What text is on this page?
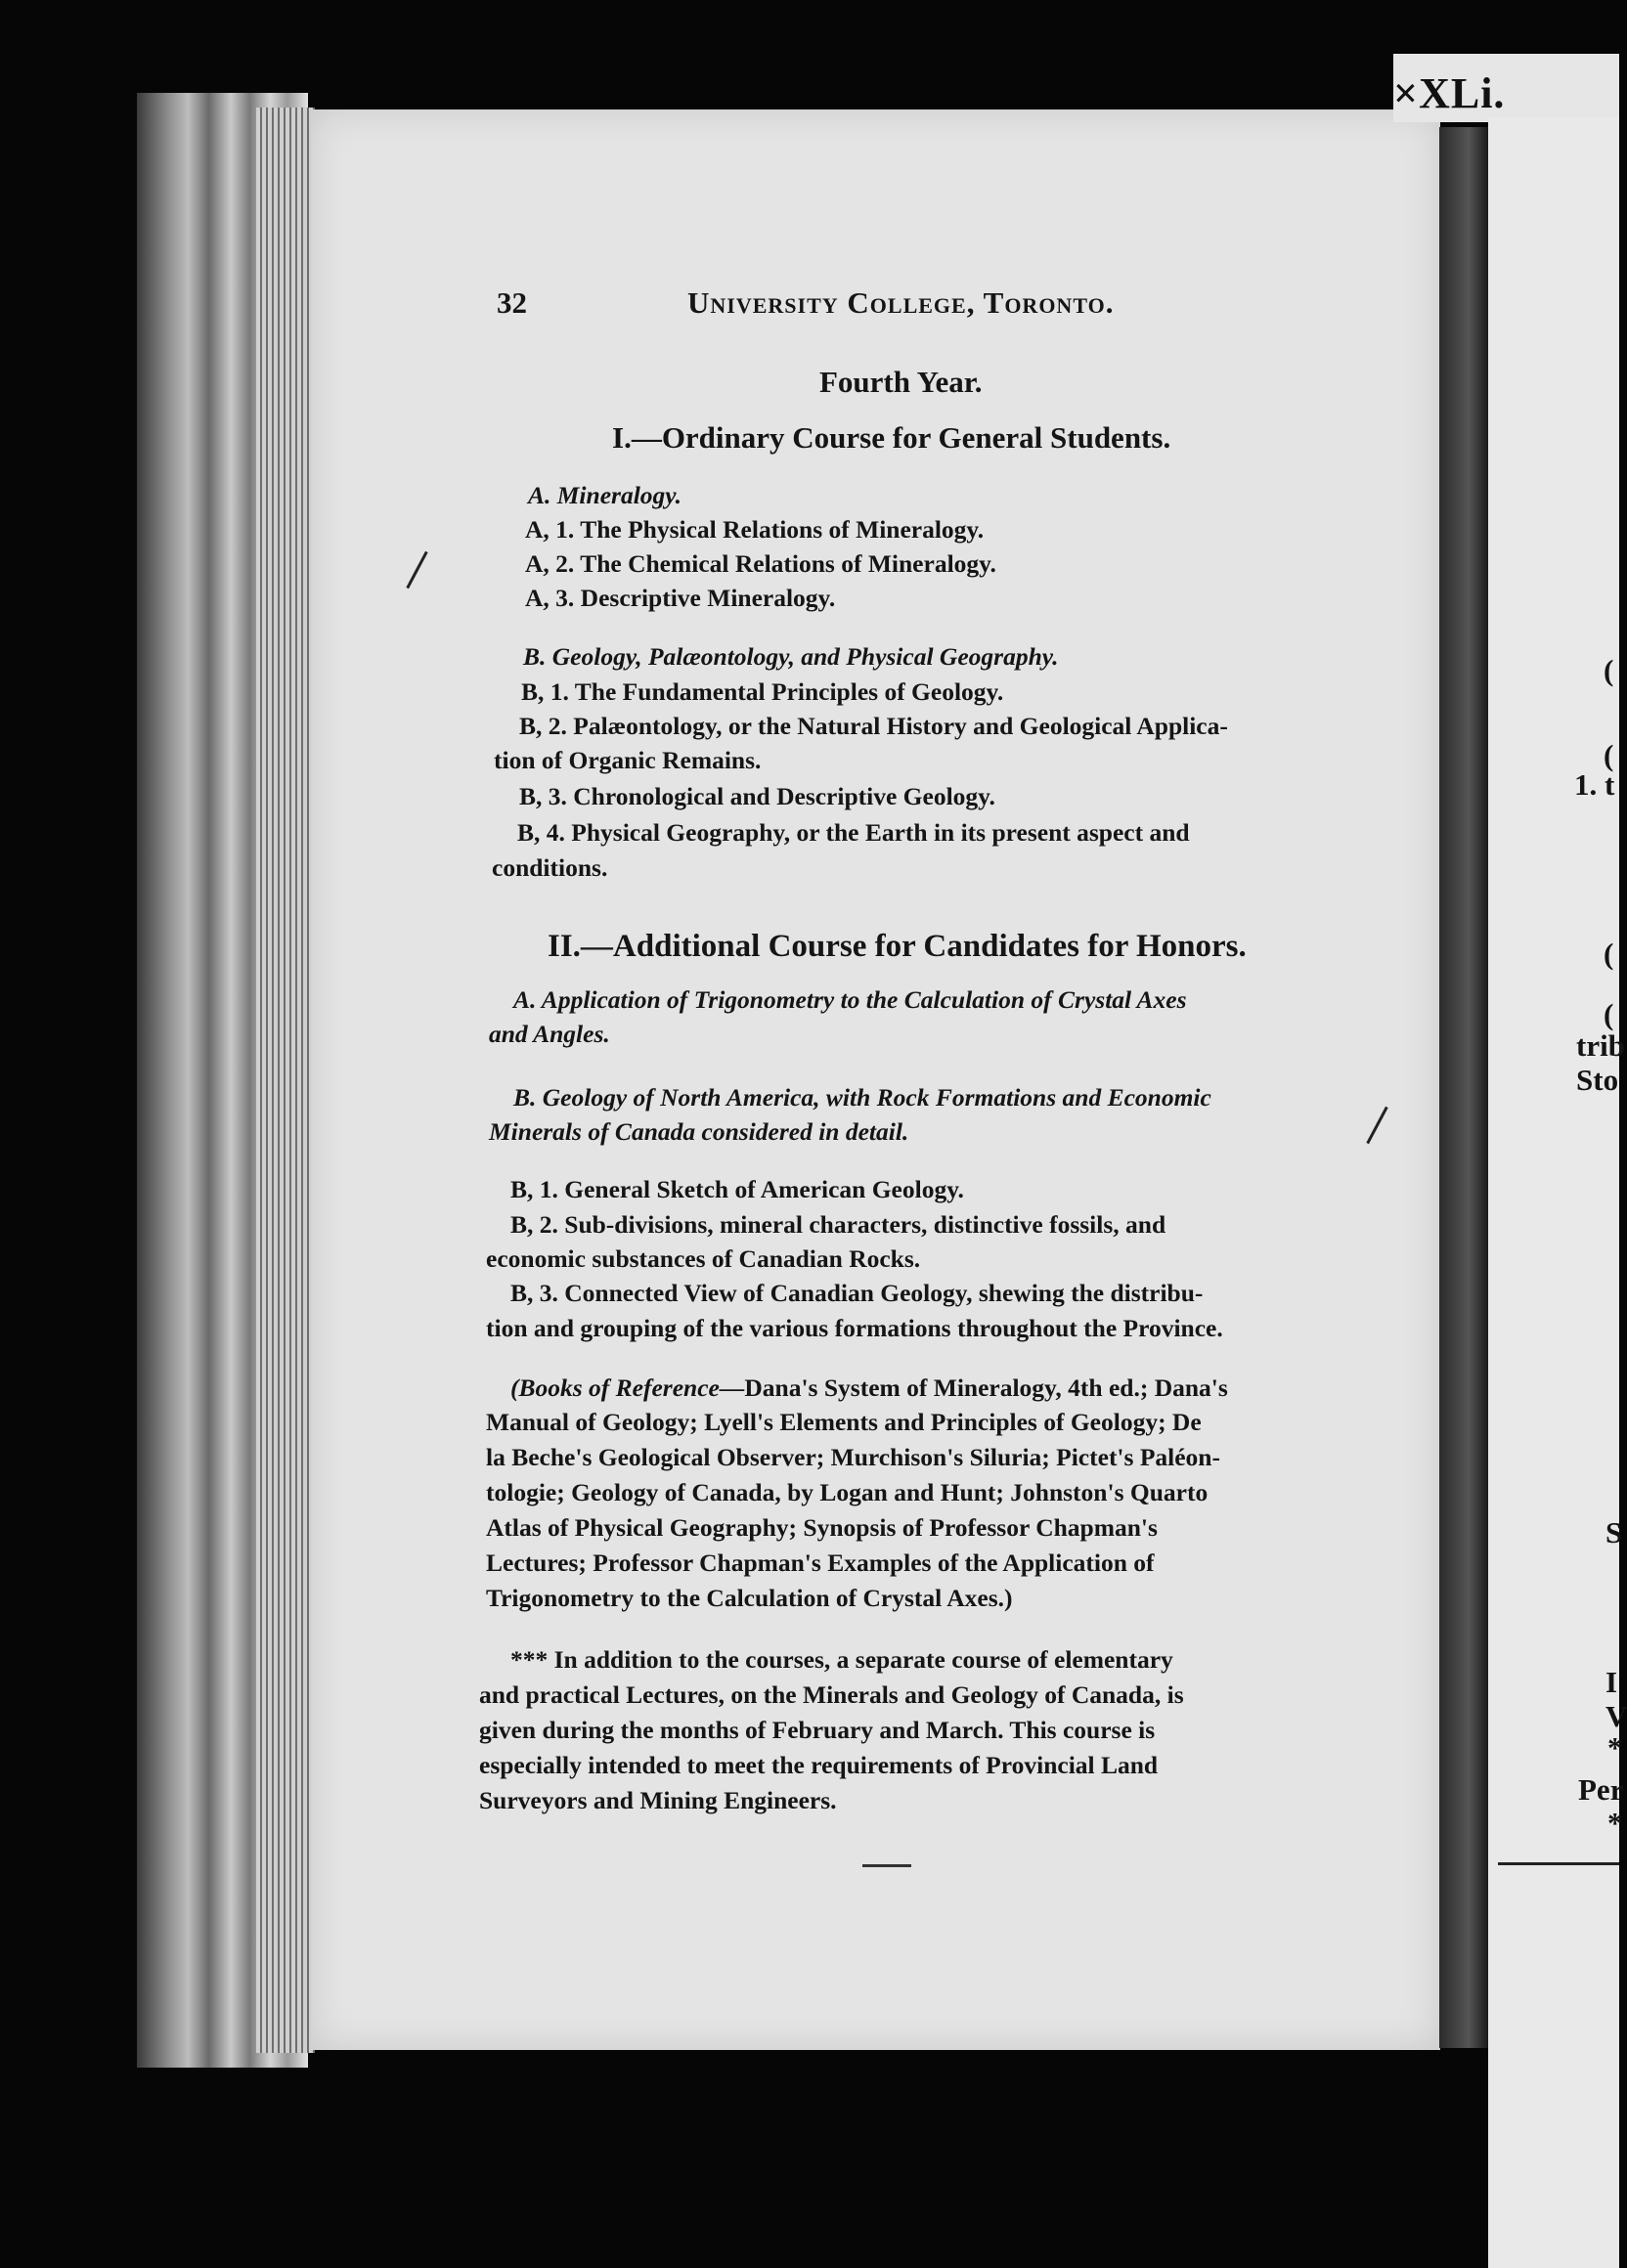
×XLi.
(
(
1. t
(
(
trib
Sto
S
I
V
*
Per
*
32	University College, Toronto.
Fourth Year.
I.—Ordinary Course for General Students.
A. Mineralogy.
A, 1. The Physical Relations of Mineralogy.
A, 2. The Chemical Relations of Mineralogy.
A, 3. Descriptive Mineralogy.
B. Geology, Palæontology, and Physical Geography.
B, 1. The Fundamental Principles of Geology.
B, 2. Palæontology, or the Natural History and Geological Applica-
tion of Organic Remains.
B, 3. Chronological and Descriptive Geology.
B, 4. Physical Geography, or the Earth in its present aspect and
conditions.
II.—Additional Course for Candidates for Honors.
A. Application of Trigonometry to the Calculation of Crystal Axes
and Angles.
B. Geology of North America, with Rock Formations and Economic
Minerals of Canada considered in detail.
B, 1. General Sketch of American Geology.
B, 2. Sub-divisions, mineral characters, distinctive fossils, and
economic substances of Canadian Rocks.
B, 3. Connected View of Canadian Geology, shewing the distribu-
tion and grouping of the various formations throughout the Province.
(Books of Reference—Dana's System of Mineralogy, 4th ed.; Dana's
Manual of Geology; Lyell's Elements and Principles of Geology; De
la Beche's Geological Observer; Murchison's Siluria; Pictet's Paléon-
tologie; Geology of Canada, by Logan and Hunt; Johnston's Quarto
Atlas of Physical Geography; Synopsis of Professor Chapman's
Lectures; Professor Chapman's Examples of the Application of
Trigonometry to the Calculation of Crystal Axes.)
*** In addition to the courses, a separate course of elementary
and practical Lectures, on the Minerals and Geology of Canada, is
given during the months of February and March. This course is
especially intended to meet the requirements of Provincial Land
Surveyors and Mining Engineers.
